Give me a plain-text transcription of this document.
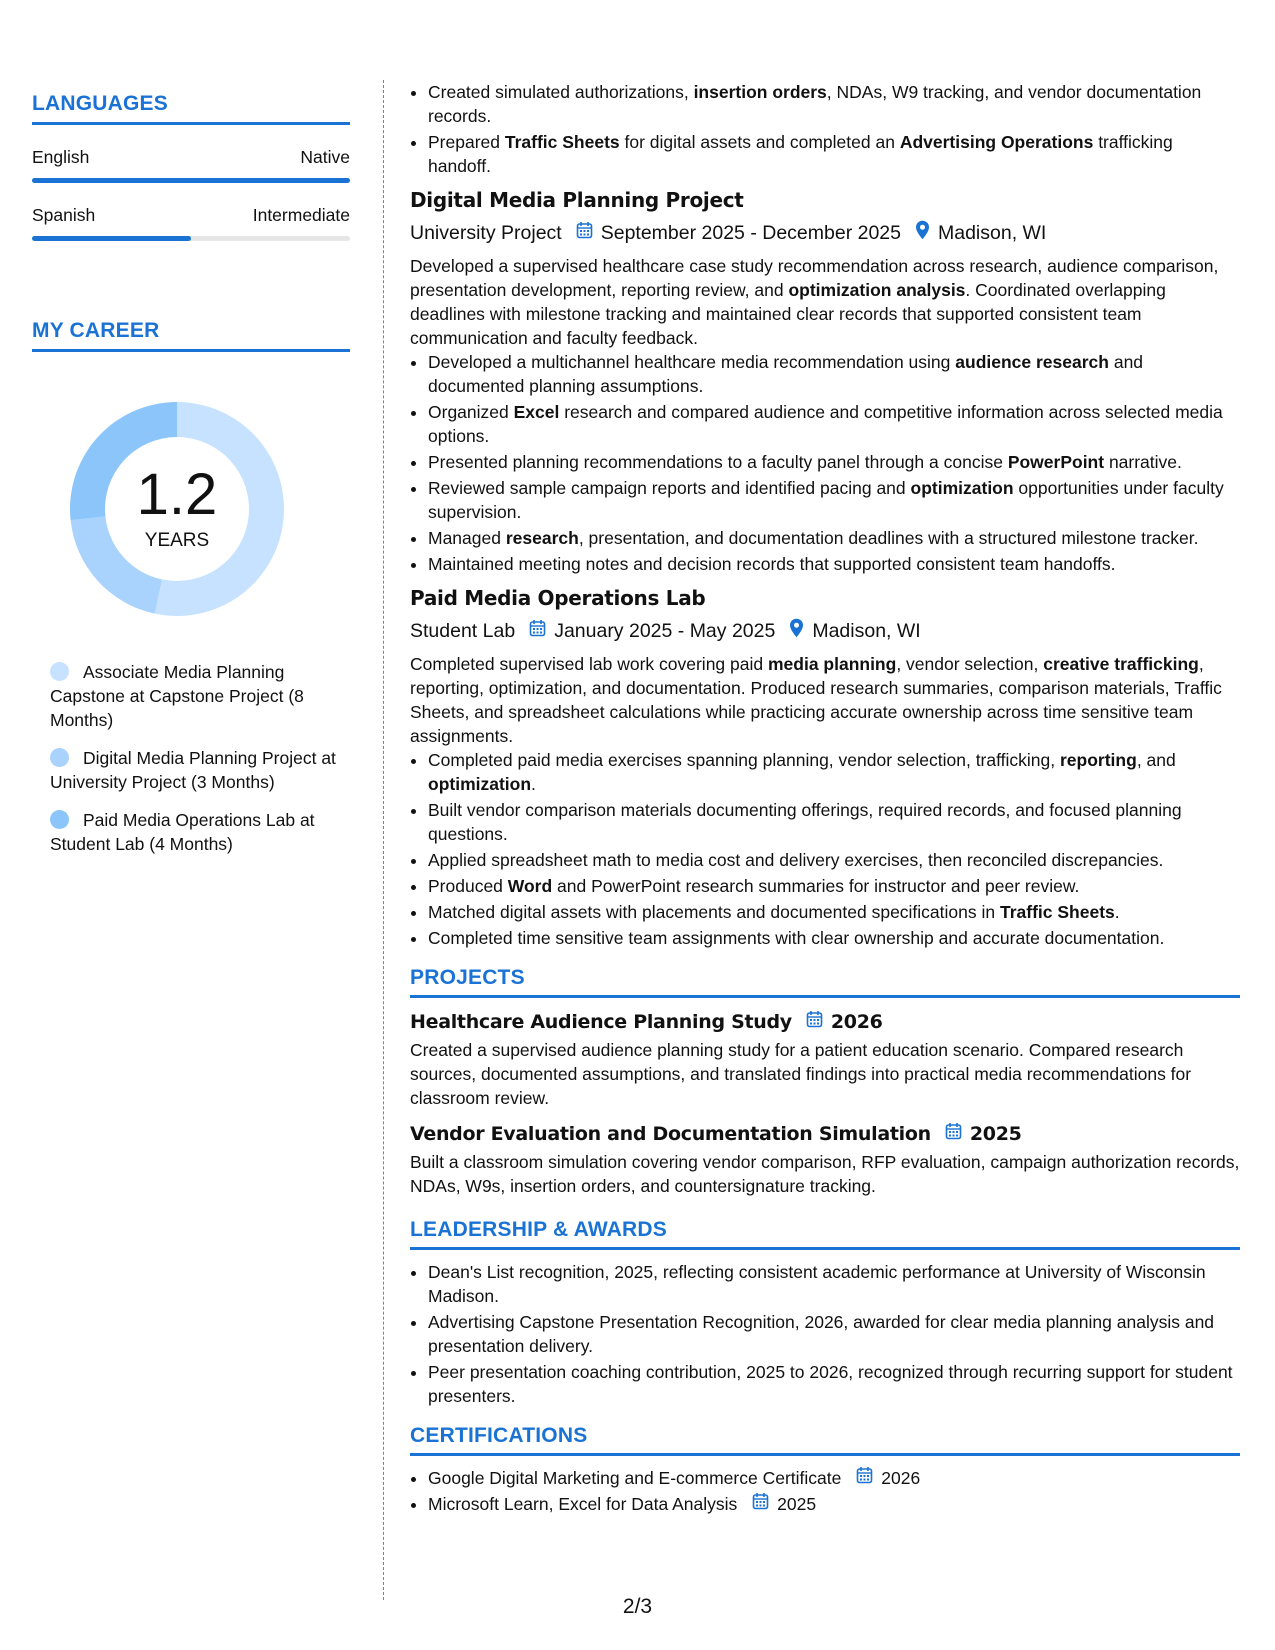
LANGUAGES
English	Native
Spanish	Intermediate
MY CAREER
1.2
YEARS
Associate Media Planning Capstone at Capstone Project (8 Months)
Digital Media Planning Project at University Project (3 Months)
Paid Media Operations Lab at Student Lab (4 Months)
• Created simulated authorizations, insertion orders, NDAs, W9 tracking, and vendor documentation records.
• Prepared Traffic Sheets for digital assets and completed an Advertising Operations trafficking handoff.
Digital Media Planning Project
University Project September 2025 - December 2025 Madison, WI
Developed a supervised healthcare case study recommendation across research, audience comparison, presentation development, reporting review, and optimization analysis. Coordinated overlapping deadlines with milestone tracking and maintained clear records that supported consistent team communication and faculty feedback.
• Developed a multichannel healthcare media recommendation using audience research and documented planning assumptions.
• Organized Excel research and compared audience and competitive information across selected media options.
• Presented planning recommendations to a faculty panel through a concise PowerPoint narrative.
• Reviewed sample campaign reports and identified pacing and optimization opportunities under faculty supervision.
• Managed research, presentation, and documentation deadlines with a structured milestone tracker.
• Maintained meeting notes and decision records that supported consistent team handoffs.
Paid Media Operations Lab
Student Lab January 2025 - May 2025 Madison, WI
Completed supervised lab work covering paid media planning, vendor selection, creative trafficking, reporting, optimization, and documentation. Produced research summaries, comparison materials, Traffic Sheets, and spreadsheet calculations while practicing accurate ownership across time sensitive team assignments.
• Completed paid media exercises spanning planning, vendor selection, trafficking, reporting, and optimization.
• Built vendor comparison materials documenting offerings, required records, and focused planning questions.
• Applied spreadsheet math to media cost and delivery exercises, then reconciled discrepancies.
• Produced Word and PowerPoint research summaries for instructor and peer review.
• Matched digital assets with placements and documented specifications in Traffic Sheets.
• Completed time sensitive team assignments with clear ownership and accurate documentation.
PROJECTS
Healthcare Audience Planning Study 2026
Created a supervised audience planning study for a patient education scenario. Compared research sources, documented assumptions, and translated findings into practical media recommendations for classroom review.
Vendor Evaluation and Documentation Simulation 2025
Built a classroom simulation covering vendor comparison, RFP evaluation, campaign authorization records, NDAs, W9s, insertion orders, and countersignature tracking.
LEADERSHIP & AWARDS
• Dean's List recognition, 2025, reflecting consistent academic performance at University of Wisconsin Madison.
• Advertising Capstone Presentation Recognition, 2026, awarded for clear media planning analysis and presentation delivery.
• Peer presentation coaching contribution, 2025 to 2026, recognized through recurring support for student presenters.
CERTIFICATIONS
• Google Digital Marketing and E-commerce Certificate 2026
• Microsoft Learn, Excel for Data Analysis 2025
2/3
